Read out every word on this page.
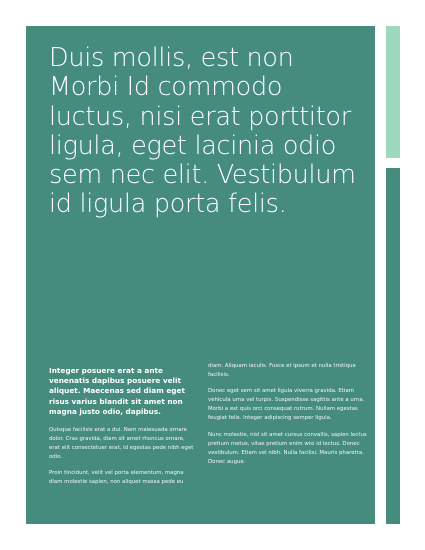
Duis mollis, est non Morbi Id commodo luctus, nisi erat porttitor ligula, eget lacinia odio sem nec elit. Vestibulum id ligula porta felis.

Integer posuere erat a ante venenatis dapibus posuere velit aliquet. Maecenas sed diam eget risus varius blandit sit amet non magna justo odio, dapibus.

Quisque facilisis erat a dui. Nam malesuada ornare dolor. Cras gravida, diam sit amet rhoncus ornare, erat elit consectetuer erat, id egestas pede nibh eget odio.

Proin tincidunt, velit vel porta elementum, magna diam molestie sapien, non aliquet massa pede eu

diam. Aliquam iaculis. Fusce et ipsum et nulla tristique facilisis.

Donec eget sem sit amet ligula viverra gravida. Etiam vehicula urna vel turpis. Suspendisse sagittis ante a urna. Morbi a est quis orci consequat rutrum. Nullam egestas feugiat felis. Integer adipiscing semper ligula.

Nunc molestie, nisl sit amet cursus convallis, sapien lectus pretium metus, vitae pretium enim wisi id lectus. Donec vestibulum. Etiam vel nibh. Nulla facilisi. Mauris pharetra. Donec augue.
